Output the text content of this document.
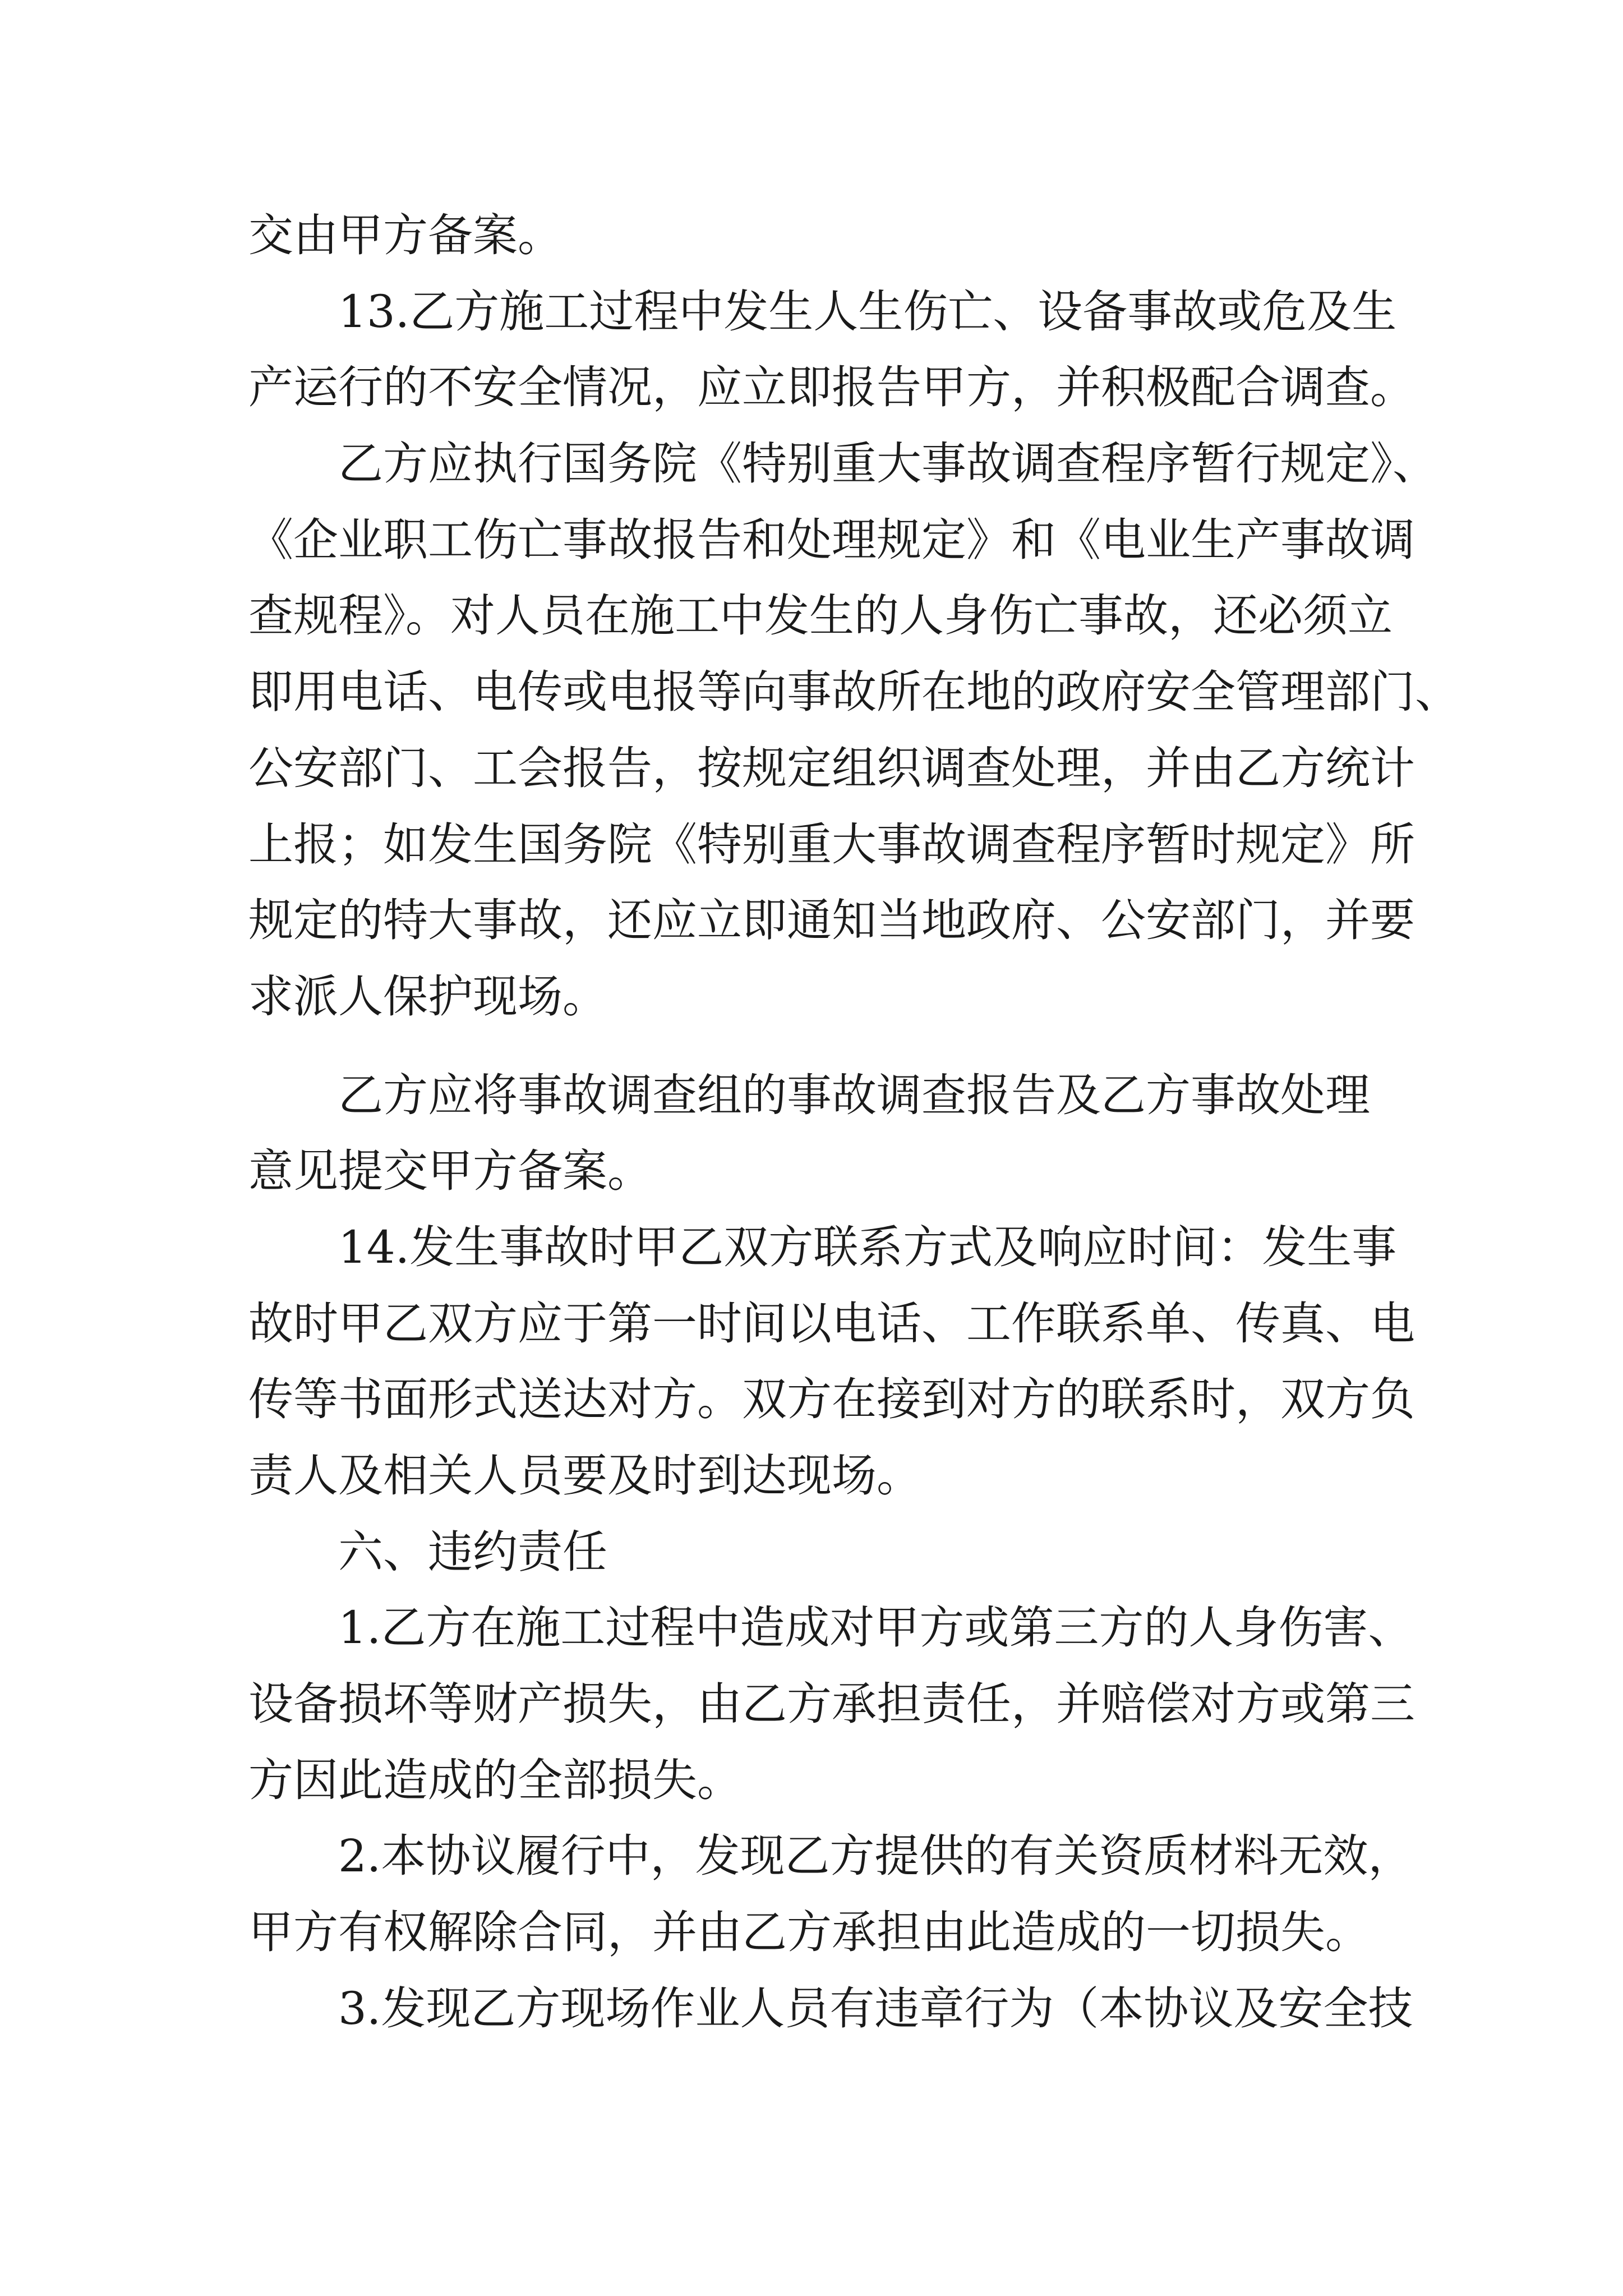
交由甲方备案。
13.乙方施工过程中发生人生伤亡、设备事故或危及生
产运行的不安全情况，应立即报告甲方，并积极配合调查。
乙方应执行国务院《特别重大事故调查程序暂行规定》、
《企业职工伤亡事故报告和处理规定》和《电业生产事故调
查规程》。对人员在施工中发生的人身伤亡事故，还必须立
即用电话、电传或电报等向事故所在地的政府安全管理部门、
公安部门、工会报告，按规定组织调查处理，并由乙方统计
上报；如发生国务院《特别重大事故调查程序暂时规定》所
规定的特大事故，还应立即通知当地政府、公安部门，并要
求派人保护现场。
乙方应将事故调查组的事故调查报告及乙方事故处理
意见提交甲方备案。
14.发生事故时甲乙双方联系方式及响应时间：发生事
故时甲乙双方应于第一时间以电话、工作联系单、传真、电
传等书面形式送达对方。双方在接到对方的联系时，双方负
责人及相关人员要及时到达现场。
六、违约责任
1.乙方在施工过程中造成对甲方或第三方的人身伤害、
设备损坏等财产损失，由乙方承担责任，并赔偿对方或第三
方因此造成的全部损失。
2.本协议履行中，发现乙方提供的有关资质材料无效，
甲方有权解除合同，并由乙方承担由此造成的一切损失。
3.发现乙方现场作业人员有违章行为（本协议及安全技
